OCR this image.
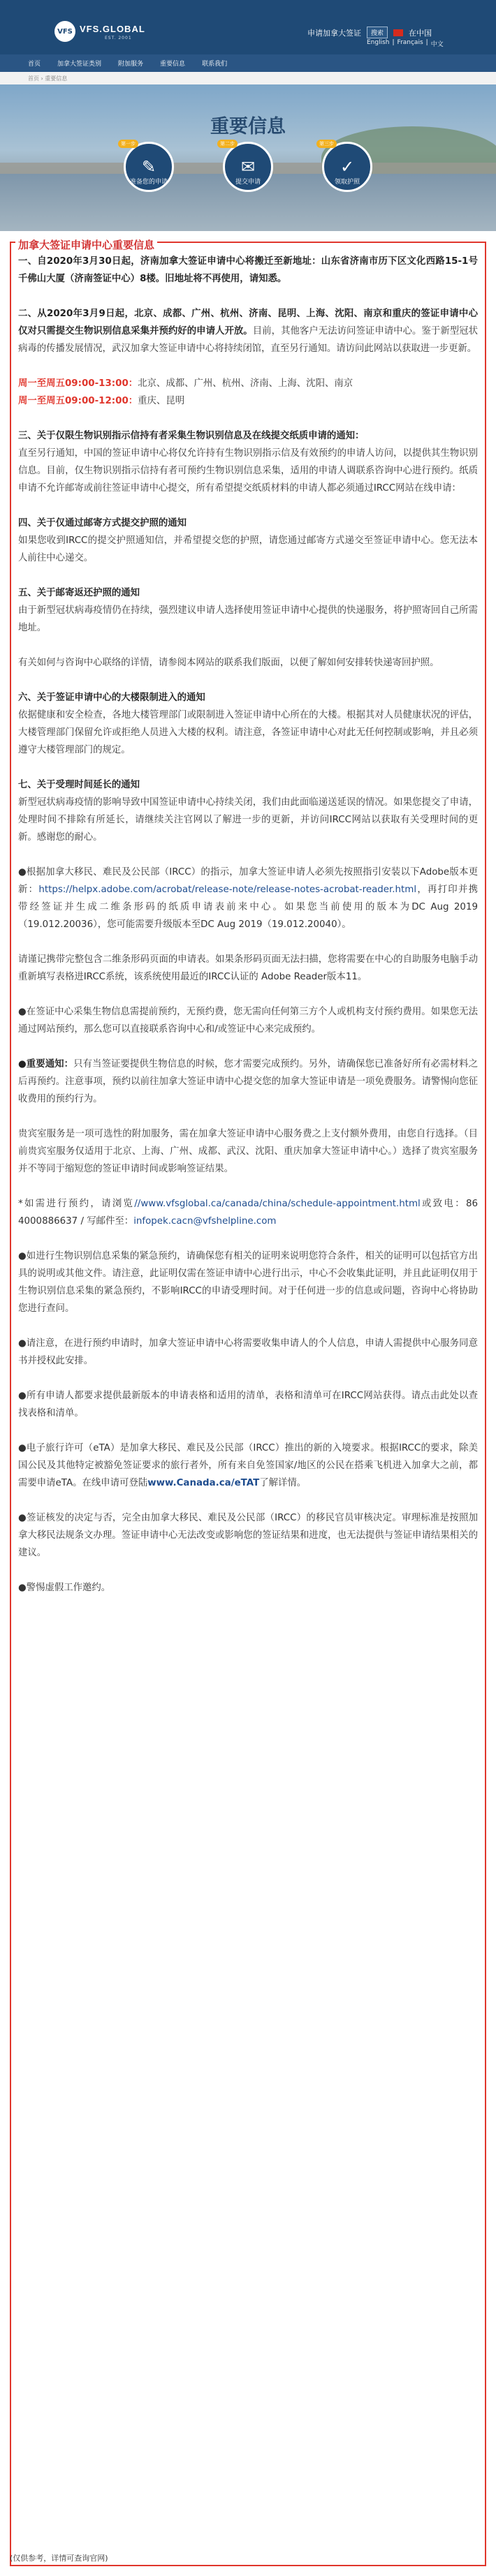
VFS VFS.GLOBAL
EST. 2001
申请加拿大签证	搜索	在中国
English | Français | 中文
首页	加拿大签证类别	附加服务	重要信息	联系我们
首页 › 重要信息
重要信息
✎
第一步
准备您的申请
✉
第二步
提交申请
✓
第三步
领取护照
加拿大签证申请中心重要信息

一、自2020年3月30日起，济南加拿大签证申请中心将搬迁至新地址：山东省济南市历下区文化西路15-1号千佛山大厦（济南签证中心）8楼。旧地址将不再使用，请知悉。

二、从2020年3月9日起，北京、成都、广州、杭州、济南、昆明、上海、沈阳、南京和重庆的签证申请中心仅对只需提交生物识别信息采集并预约好的申请人开放。目前，其他客户无法访问签证申请中心。鉴于新型冠状病毒的传播发展情况，武汉加拿大签证申请中心将持续闭馆，直至另行通知。请访问此网站以获取进一步更新。

周一至周五09:00-13:00：北京、成都、广州、杭州、济南、上海、沈阳、南京

周一至周五09:00-12:00：重庆、昆明

三、关于仅限生物识别指示信持有者采集生物识别信息及在线提交纸质申请的通知：

直至另行通知，中国的签证申请中心将仅允许持有生物识别指示信及有效预约的申请人访问，以提供其生物识别信息。目前，仅生物识别指示信持有者可预约生物识别信息采集，适用的申请人调联系咨询中心进行预约。纸质申请不允许邮寄或前往签证申请中心提交，所有希望提交纸质材料的申请人都必须通过IRCC网站在线申请：

四、关于仅通过邮寄方式提交护照的通知

如果您收到IRCC的提交护照通知信，并希望提交您的护照，请您通过邮寄方式递交至签证申请中心。您无法本人前往中心递交。

五、关于邮寄返还护照的通知

由于新型冠状病毒疫情仍在持续，强烈建议申请人选择使用签证申请中心提供的快递服务，将护照寄回自己所需地址。

有关如何与咨询中心联络的详情，请参阅本网站的联系我们版面，以便了解如何安排转快递寄回护照。

六、关于签证申请中心的大楼限制进入的通知

依据健康和安全检查，各地大楼管理部门或限制进入签证申请中心所在的大楼。根据其对人员健康状况的评估，大楼管理部门保留允许或拒绝人员进入大楼的权利。请注意，各签证申请中心对此无任何控制或影响，并且必须遵守大楼管理部门的规定。

七、关于受理时间延长的通知

新型冠状病毒疫情的影响导致中国签证申请中心持续关闭，我们由此面临递送延误的情况。如果您提交了申请，处理时间不排除有所延长，请继续关注官网以了解进一步的更新，并访问IRCC网站以获取有关受理时间的更新。感谢您的耐心。

●根据加拿大移民、难民及公民部（IRCC）的指示，加拿大签证申请人必须先按照指引安装以下Adobe版本更新：https://helpx.adobe.com/acrobat/release-note/release-notes-acrobat-reader.html，再打印并携带经签证并生成二维条形码的纸质申请表前来中心。如果您当前使用的版本为DC Aug 2019（19.012.20036），您可能需要升级版本至DC Aug 2019（19.012.20040）。

请谨记携带完整包含二维条形码页面的申请表。如果条形码页面无法扫描，您将需要在中心的自助服务电脑手动重新填写表格进IRCC系统，该系统使用最近的IRCC认证的 Adobe Reader版本11。

●在签证中心采集生物信息需提前预约，无预约费，您无需向任何第三方个人或机构支付预约费用。如果您无法通过网站预约，那么您可以直接联系咨询中心和/或签证中心来完成预约。

●重要通知：只有当签证要提供生物信息的时候，您才需要完成预约。另外，请确保您已准备好所有必需材料之后再预约。注意事项，预约以前往加拿大签证申请中心提交您的加拿大签证申请是一项免费服务。请警惕向您征收费用的预约行为。

贵宾室服务是一项可选性的附加服务，需在加拿大签证申请中心服务费之上支付额外费用，由您自行选择。（目前贵宾室服务仅适用于北京、上海、广州、成都、武汉、沈阳、重庆加拿大签证申请中心。）选择了贵宾室服务并不等同于缩短您的签证申请时间或影响签证结果。

*如需进行预约，请浏览//www.vfsglobal.ca/canada/china/schedule-appointment.html或致电：86 4000886637 / 写邮件至：infopek.cacn@vfshelpline.com

●如进行生物识别信息采集的紧急预约，请确保您有相关的证明来说明您符合条件，相关的证明可以包括官方出具的说明或其他文件。请注意，此证明仅需在签证申请中心进行出示，中心不会收集此证明，并且此证明仅用于生物识别信息采集的紧急预约，不影响IRCC的申请受理时间。对于任何进一步的信息或问题，咨询中心将协助您进行查问。

●请注意，在进行预约申请时，加拿大签证申请中心将需要收集申请人的个人信息，申请人需提供中心服务同意书并授权此安排。

●所有申请人都要求提供最新版本的申请表格和适用的清单，表格和清单可在IRCC网站获得。请点击此处以查找表格和清单。

●电子旅行许可（eTA）是加拿大移民、难民及公民部（IRCC）推出的新的入境要求。根据IRCC的要求，除美国公民及其他特定被豁免签证要求的旅行者外，所有来自免签国家/地区的公民在搭乘飞机进入加拿大之前，都需要申请eTA。在线申请可登陆www.Canada.ca/eTAT了解详情。

●签证核发的决定与否，完全由加拿大移民、难民及公民部（IRCC）的移民官员审核决定。审理标准是按照加拿大移民法规条文办理。签证申请中心无法改变或影响您的签证结果和进度，也无法提供与签证申请结果相关的建议。

●警惕虚假工作邀约。

(仅供参考，详情可查询官网)
